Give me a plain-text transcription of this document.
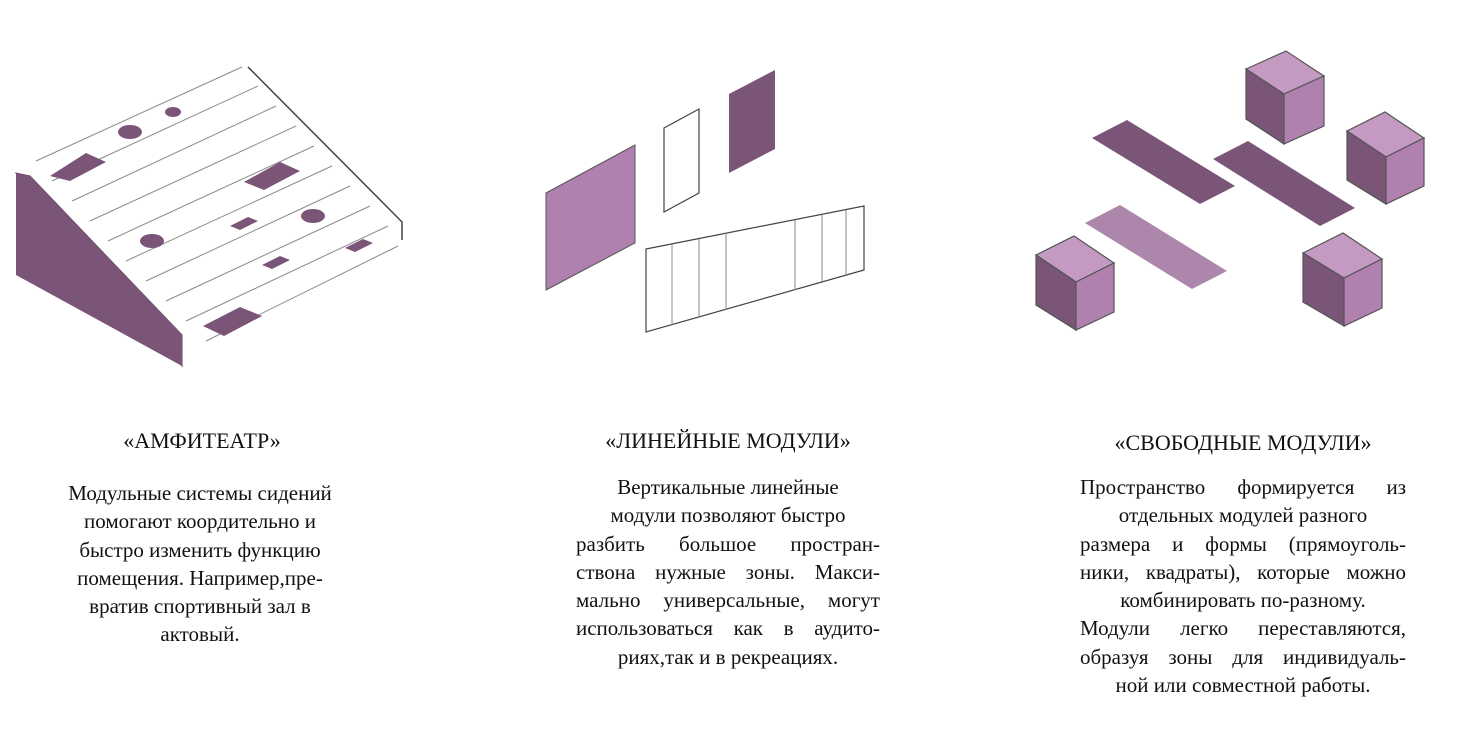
«АМФИТЕАТР»
Модульные системы сидений
помогают коордительно и
быстро изменить функцию
помещения. Например,пре-
вратив спортивный зал в
актовый.
«ЛИНЕЙНЫЕ МОДУЛИ»
Вертикальные линейные
модули позволяют быстро
разбить большое простран-
ствона нужные зоны. Макси-
мально универсальные, могут
использоваться как в аудито-
риях,так и в рекреациях.
«СВОБОДНЫЕ МОДУЛИ»
Пространство формируется из
отдельных модулей разного
размера и формы (прямоуголь-
ники, квадраты), которые можно
комбинировать по-разному.
Модули легко переставляются,
образуя зоны для индивидуаль-
ной или совместной работы.
